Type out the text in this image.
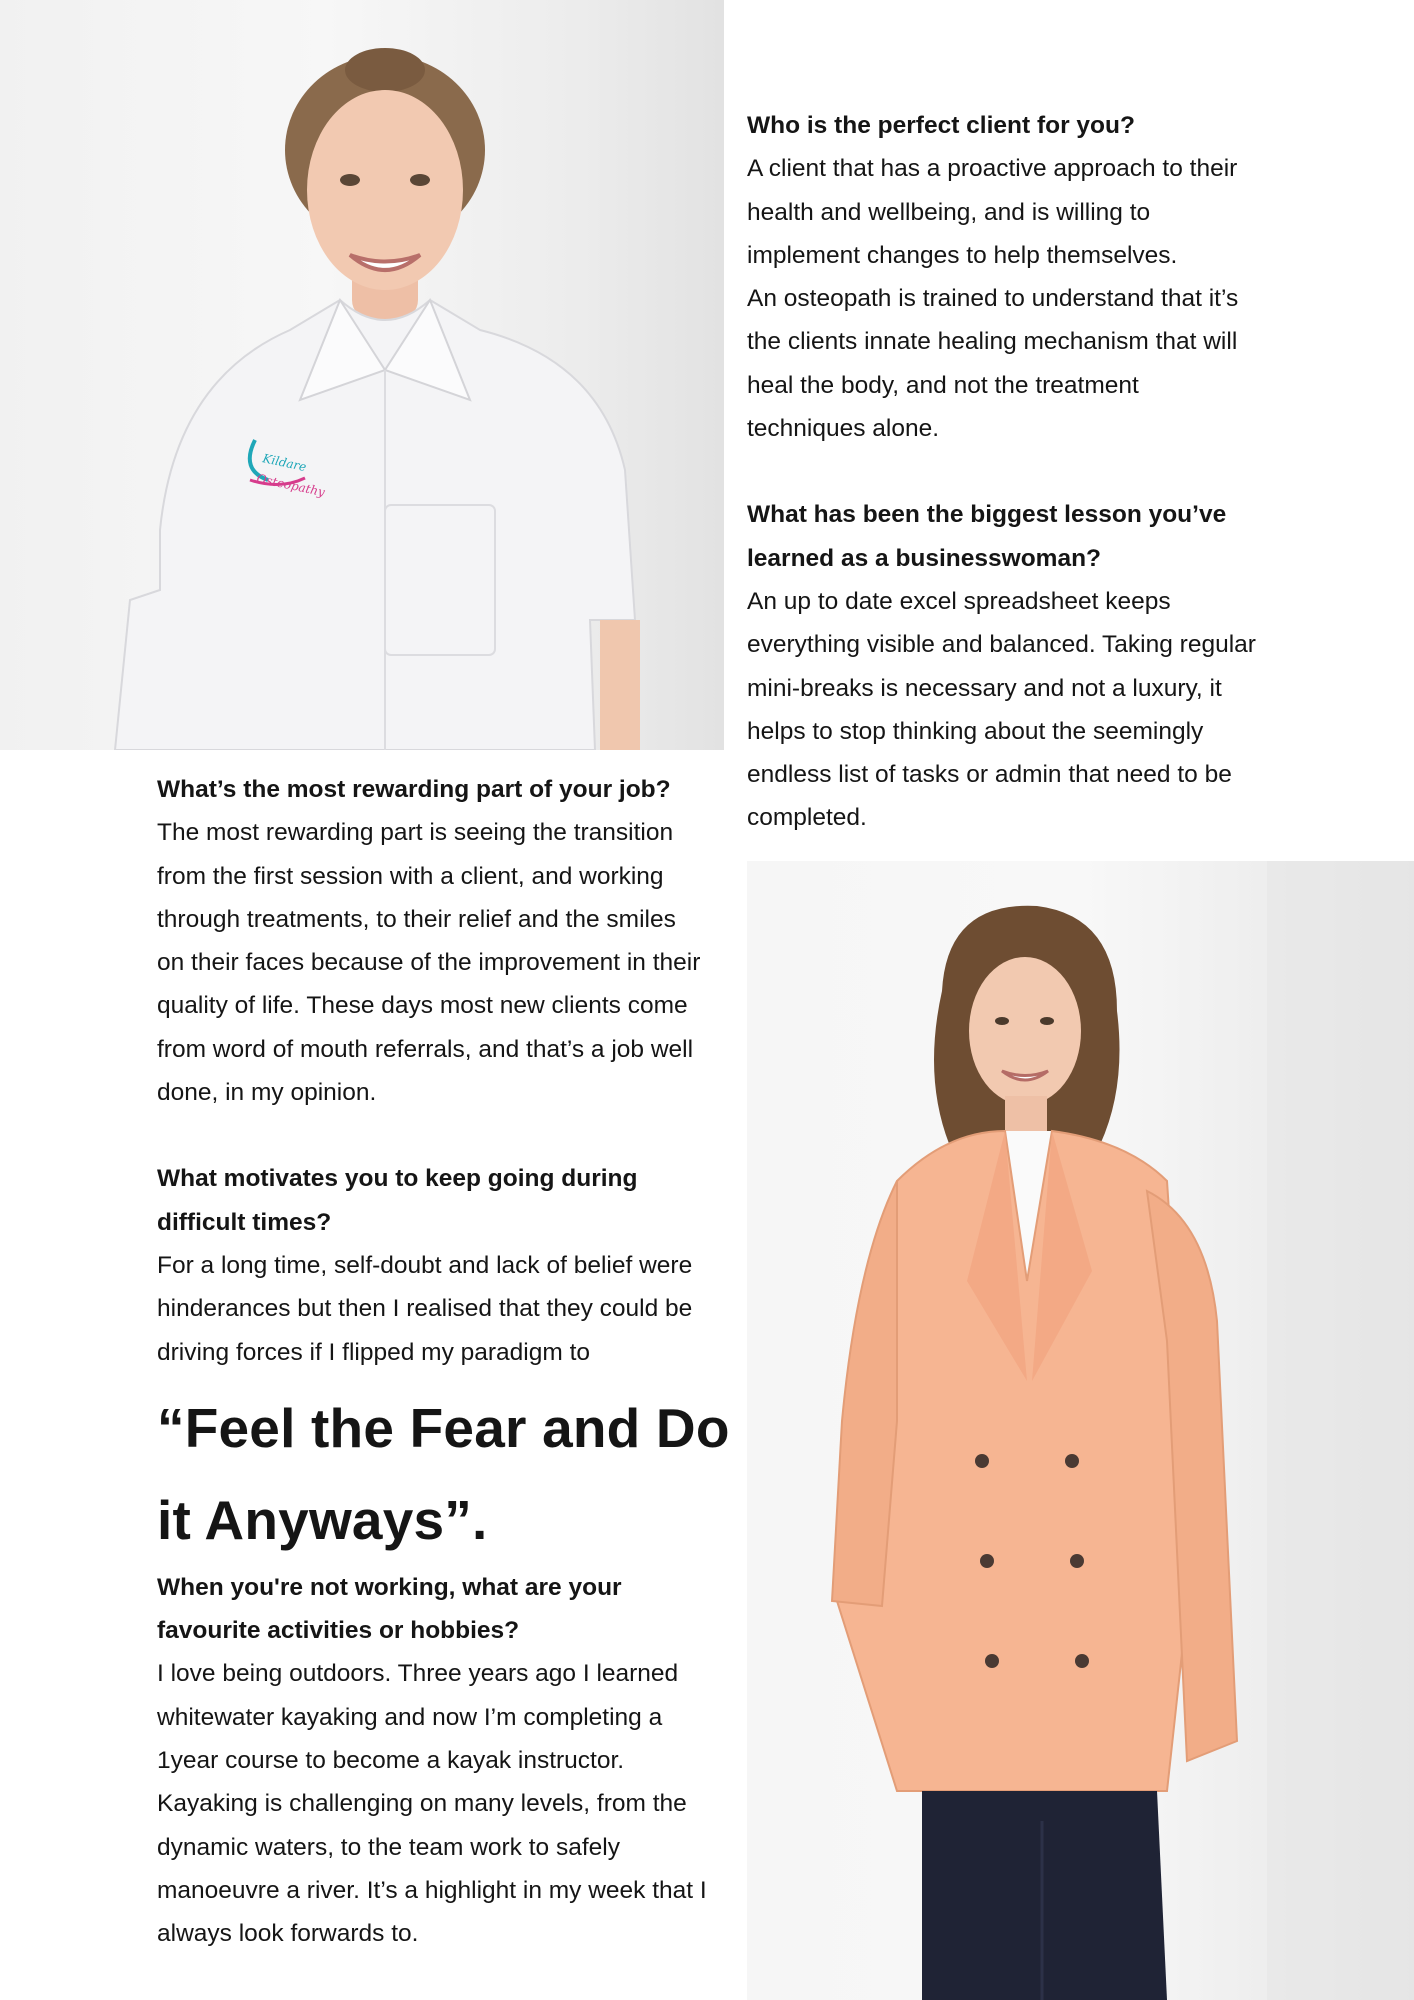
Kildare
Osteopathy

Who is the perfect client for you?

A client that has a proactive approach to their
health and wellbeing, and is willing to
implement changes to help themselves.
An osteopath is trained to understand that it’s
the clients innate healing mechanism that will
heal the body, and not the treatment
techniques alone.

What has been the biggest lesson you’ve
learned as a businesswoman?

An up to date excel spreadsheet keeps
everything visible and balanced. Taking regular
mini-breaks is necessary and not a luxury, it
helps to stop thinking about the seemingly
endless list of tasks or admin that need to be
completed.

What’s the most rewarding part of your job?

The most rewarding part is seeing the transition
from the first session with a client, and working
through treatments, to their relief and the smiles
on their faces because of the improvement in their
quality of life. These days most new clients come
from word of mouth referrals, and that’s a job well
done, in my opinion.

What motivates you to keep going during
difficult times?

For a long time, self-doubt and lack of belief were
hinderances but then I realised that they could be
driving forces if I flipped my paradigm to

“Feel the Fear and Do
it Anyways”.

When you're not working, what are your
favourite activities or hobbies?

I love being outdoors. Three years ago I learned
whitewater kayaking and now I’m completing a
1year course to become a kayak instructor.
Kayaking is challenging on many levels, from the
dynamic waters, to the team work to safely
manoeuvre a river. It’s a highlight in my week that I
always look forwards to.
